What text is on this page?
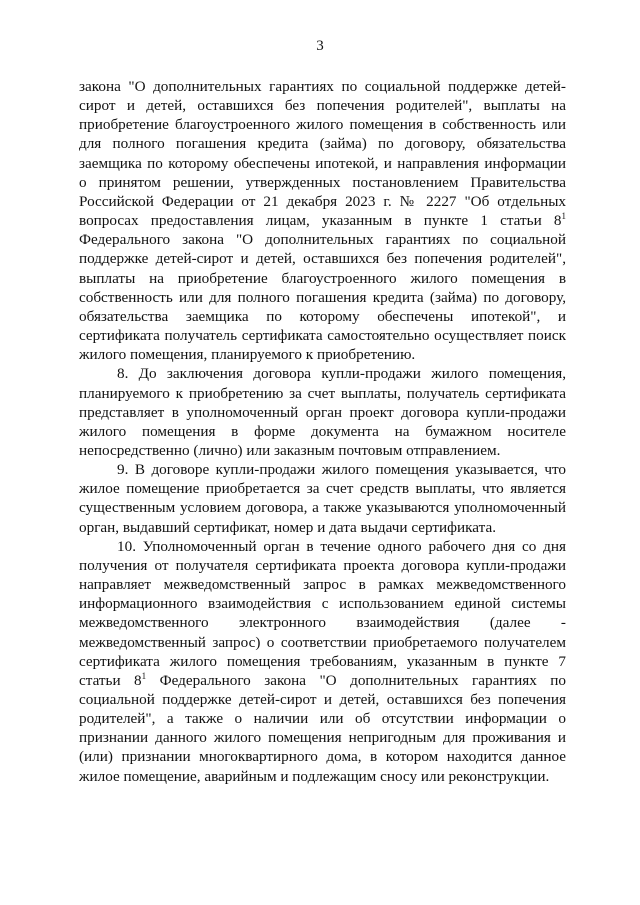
3

закона "О дополнительных гарантиях по социальной поддержке детей-сирот и детей, оставшихся без попечения родителей", выплаты на приобретение благоустроенного жилого помещения в собственность или для полного погашения кредита (займа) по договору, обязательства заемщика по которому обеспечены ипотекой, и направления информации о принятом решении, утвержденных постановлением Правительства Российской Федерации от 21 декабря 2023 г. № 2227 "Об отдельных вопросах предоставления лицам, указанным в пункте 1 статьи $8^1$ Федерального закона "О дополнительных гарантиях по социальной поддержке детей-сирот и детей, оставшихся без попечения родителей", выплаты на приобретение благоустроенного жилого помещения в собственность или для полного погашения кредита (займа) по договору, обязательства заемщика по которому обеспечены ипотекой", и сертификата получатель сертификата самостоятельно осуществляет поиск жилого помещения, планируемого к приобретению.

8. До заключения договора купли-продажи жилого помещения, планируемого к приобретению за счет выплаты, получатель сертификата представляет в уполномоченный орган проект договора купли-продажи жилого помещения в форме документа на бумажном носителе непосредственно (лично) или заказным почтовым отправлением.

9. В договоре купли-продажи жилого помещения указывается, что жилое помещение приобретается за счет средств выплаты, что является существенным условием договора, а также указываются уполномоченный орган, выдавший сертификат, номер и дата выдачи сертификата.

10. Уполномоченный орган в течение одного рабочего дня со дня получения от получателя сертификата проекта договора купли-продажи направляет межведомственный запрос в рамках межведомственного информационного взаимодействия с использованием единой системы межведомственного электронного взаимодействия (далее - межведомственный запрос) о соответствии приобретаемого получателем сертификата жилого помещения требованиям, указанным в пункте 7 статьи $8^1$ Федерального закона "О дополнительных гарантиях по социальной поддержке детей-сирот и детей, оставшихся без попечения родителей", а также о наличии или об отсутствии информации о признании данного жилого помещения непригодным для проживания и (или) признании многоквартирного дома, в котором находится данное жилое помещение, аварийным и подлежащим сносу или реконструкции.
